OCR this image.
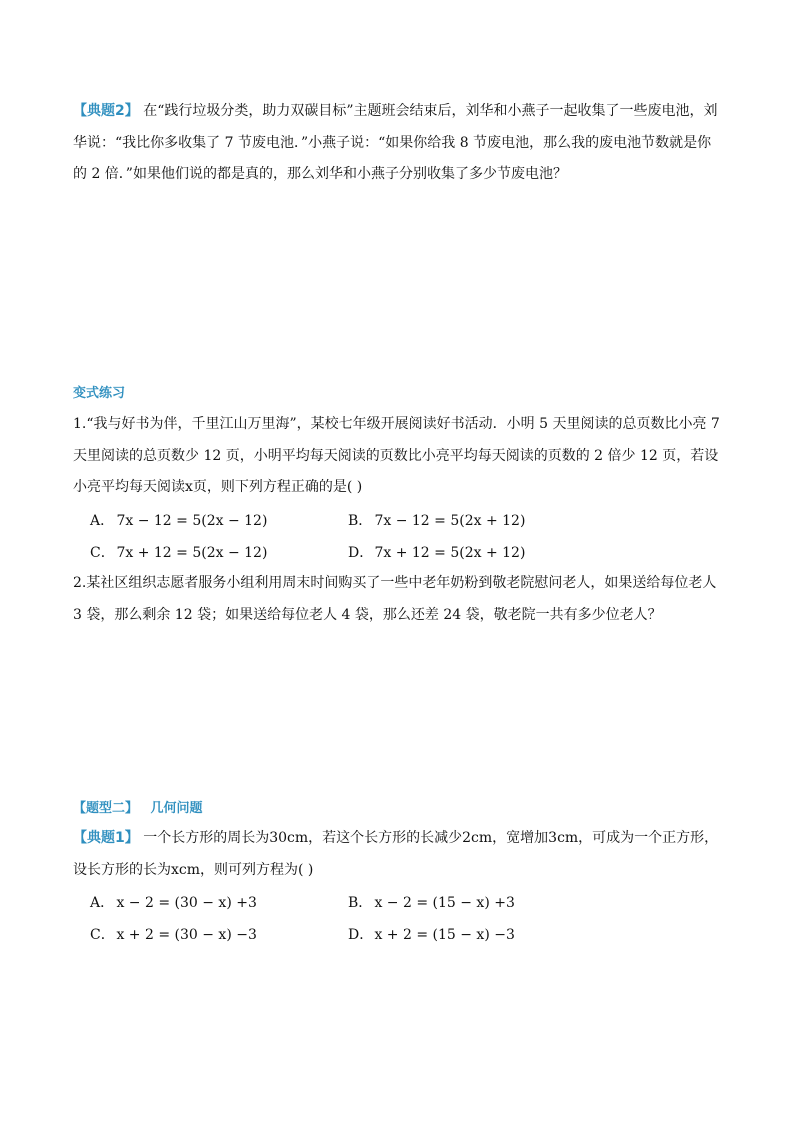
【典题2】 在“践行垃圾分类，助力双碳目标”主题班会结束后，刘华和小燕子一起收集了一些废电池，刘华说：“我比你多收集了 7 节废电池．”小燕子说：“如果你给我 8 节废电池，那么我的废电池节数就是你的 2 倍．”如果他们说的都是真的，那么刘华和小燕子分别收集了多少节废电池？
变式练习
1.“我与好书为伴，千里江山万里海”，某校七年级开展阅读好书活动．小明 5 天里阅读的总页数比小亮 7 天里阅读的总页数少 12 页，小明平均每天阅读的页数比小亮平均每天阅读的页数的 2 倍少 12 页，若设小亮平均每天阅读x页，则下列方程正确的是( )
A． 7x − 12 = 5(2x − 12)	B． 7x − 12 = 5(2x + 12)
C． 7x + 12 = 5(2x − 12)	D． 7x + 12 = 5(2x + 12)
2.某社区组织志愿者服务小组利用周末时间购买了一些中老年奶粉到敬老院慰问老人，如果送给每位老人 3 袋，那么剩余 12 袋；如果送给每位老人 4 袋，那么还差 24 袋，敬老院一共有多少位老人？
【题型二】 几何问题
【典题1】 一个长方形的周长为30cm，若这个长方形的长减少2cm，宽增加3cm，可成为一个正方形，设长方形的长为xcm，则可列方程为( )
A． x − 2 = (30 − x) +3	B． x − 2 = (15 − x) +3
C． x + 2 = (30 − x) −3	D． x + 2 = (15 − x) −3
